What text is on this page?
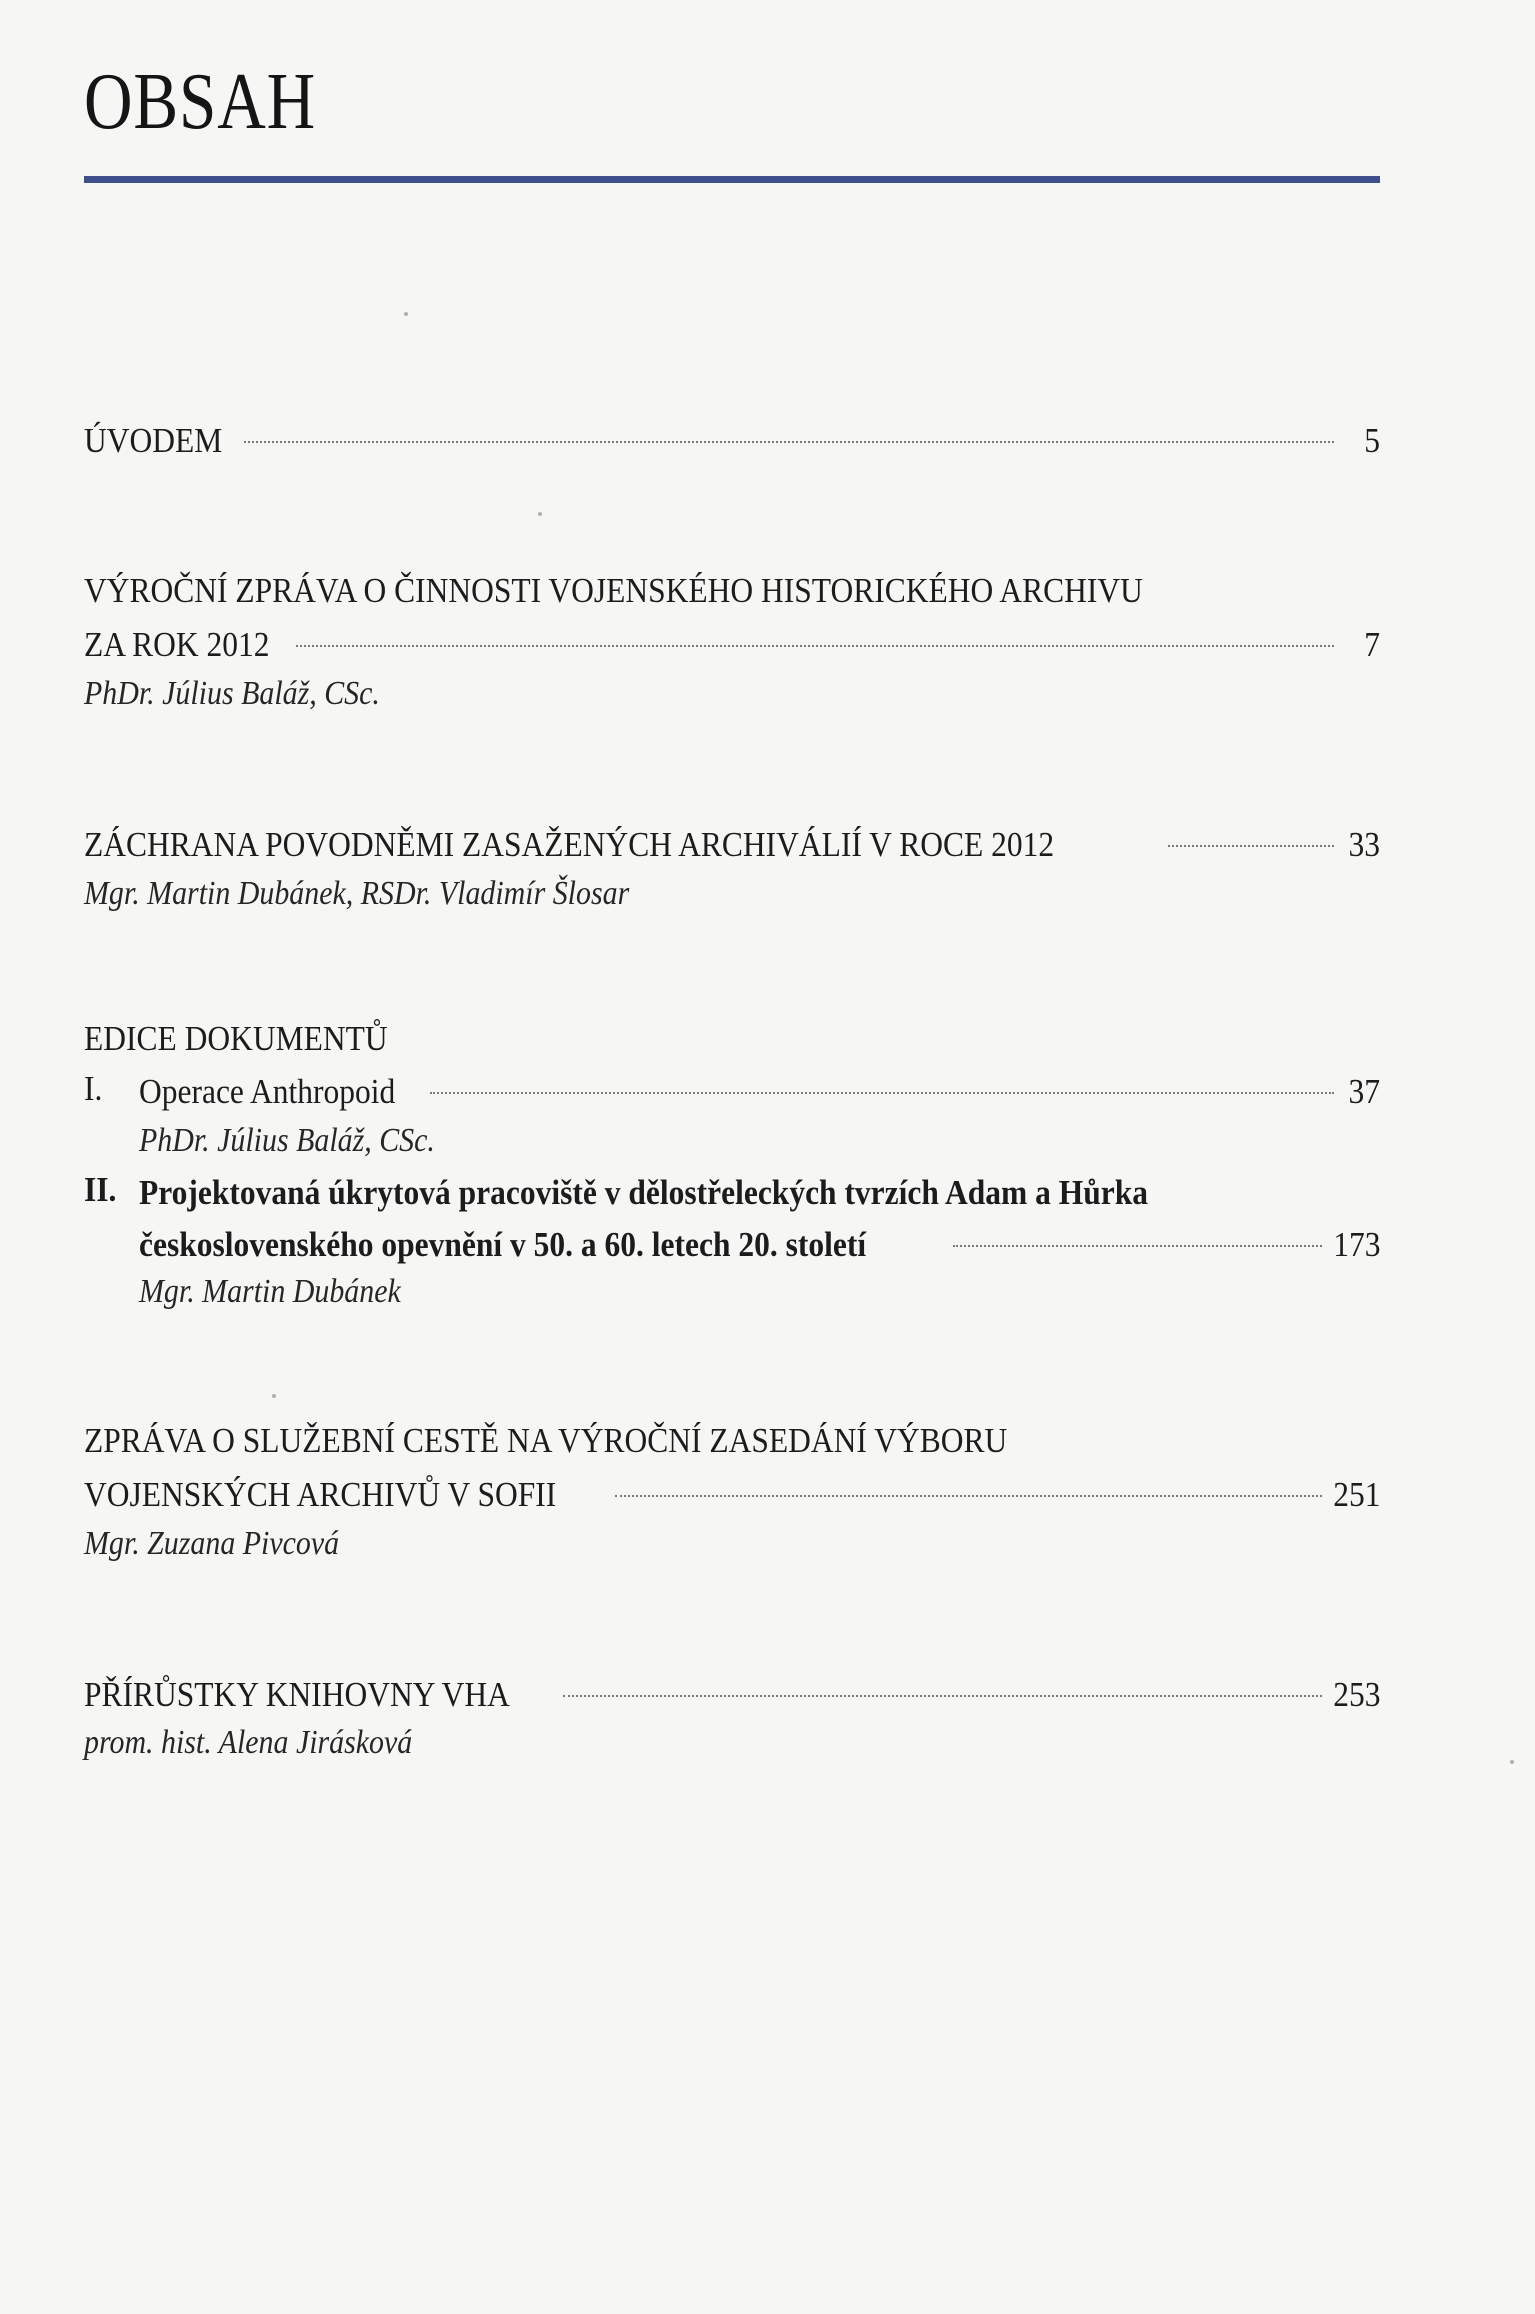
OBSAH
ÚVODEM	5
VÝROČNÍ ZPRÁVA O ČINNOSTI VOJENSKÉHO HISTORICKÉHO ARCHIVU
ZA ROK 2012	7
PhDr. Július Baláž, CSc.
ZÁCHRANA POVODNĚMI ZASAŽENÝCH ARCHIVÁLIÍ V ROCE 2012	33
Mgr. Martin Dubánek, RSDr. Vladimír Šlosar
EDICE DOKUMENTŮ
I. Operace Anthropoid	37
PhDr. Július Baláž, CSc.
II. Projektovaná úkrytová pracoviště v dělostřeleckých tvrzích Adam a Hůrka
československého opevnění v 50. a 60. letech 20. století	173
Mgr. Martin Dubánek
ZPRÁVA O SLUŽEBNÍ CESTĚ NA VÝROČNÍ ZASEDÁNÍ VÝBORU
VOJENSKÝCH ARCHIVŮ V SOFII	251
Mgr. Zuzana Pivcová
PŘÍRŮSTKY KNIHOVNY VHA	253
prom. hist. Alena Jirásková
